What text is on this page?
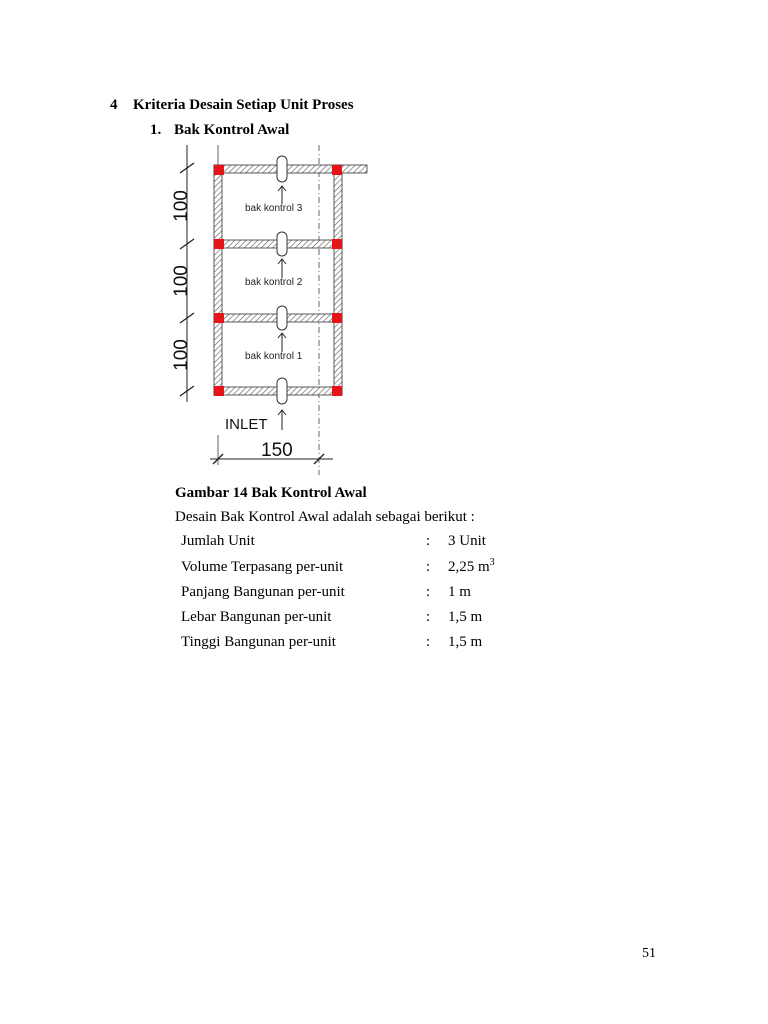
4 Kriteria Desain Setiap Unit Proses
1. Bak Kontrol Awal
bak kontrol 3
bak kontrol 2
bak kontrol 1
INLET
100
100
100
150
Gambar 14 Bak Kontrol Awal
Desain Bak Kontrol Awal adalah sebagai berikut :
Jumlah Unit	: 3 Unit
Volume Terpasang per-unit	: 2,25 $m^3$
Panjang Bangunan per-unit	: 1 m
Lebar Bangunan per-unit	: 1,5 m
Tinggi Bangunan per-unit	: 1,5 m
51
